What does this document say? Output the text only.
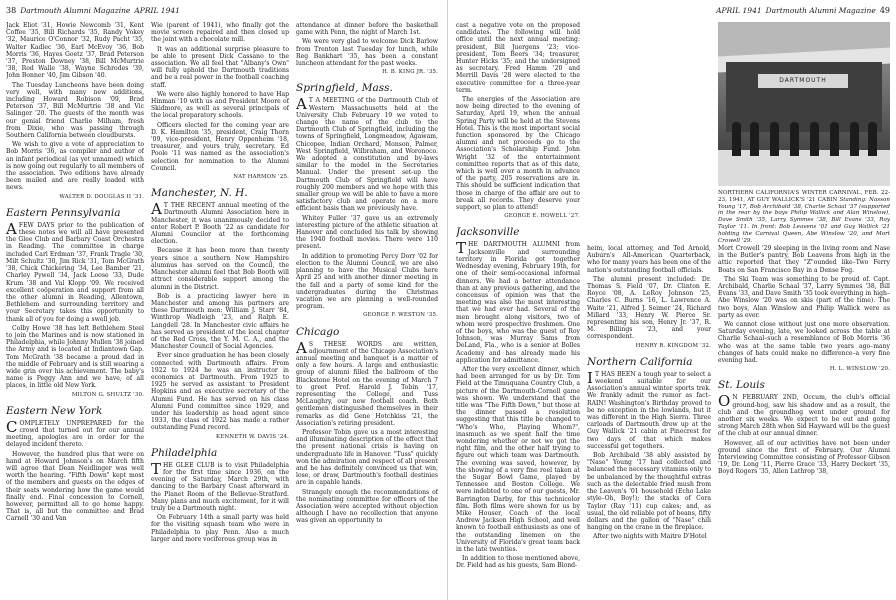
38 Dartmouth Alumni Magazine APRIL 1941

Jack Eliot '31, Howie Newcomb '31, Kent Coffee '35, Bill Richards '35, Randy Vokey '32, Maurice O'Connor '32, Rudy Pacht '35, Walter Kadlec '36, Earl McEvoy '36, Bob Morris '36, Hayes Goetz '37, Brad Peterson '37, Preston Downey '38, Bill McMurtrie '38, Rod Walle '38, Wayne Schrodes '39, John Bonner '40, Jim Gibson '40.

The Tuesday Luncheons have been doing very well, with many new additions, including Howard Robison '09, Brad Peterson '37, Bill McMurtrie '38 and Vic Salinger '20. The guests of the month was our genial friend Charlie Milham, fresh from Dixie, who was passing through Southern California between cloudbursts.

We wish to give a vote of appreciation to Bob Morris '36, as compiler and author of an infant periodical (as yet unnamed) which is now going out regularly to all members of the association. Two editions have already been mailed and are really loaded with news.

WALTER D. DOUGLAS II '31.

Eastern Pennsylvania

AFEW DAYS prior to the publication of these notes we will all have presented the Glee Club and Barbary Coast Orchestra in Reading. The committee in charge included Carl Erdman '37, Frank Tragle '30, Milt Schultz '30, Jim Rick '31, Tom McGrath '38, Chick Chickering '34, Lee Bamber '21, Charley Pywell '34, Jack Loose '33, Dude Krum '38 and Val Klopp '09. We received excellent coöperation and support from all the other alumni in Reading, Allentown, Bethlehem and surrounding territory and your Secretary takes this opportunity to thank all of you for doing a swell job.

Colby Howe '38 has left Bethlehem Steel to join the Marines and is now stationed in Philadelphia, while Johnny Mullen '38 joined the Army and is located at Indiantown Gap. Tom McGrath '38 became a proud dad in the middle of February and is still wearing a wide grin over his achievement. The baby's name is Peggy Ann and we have, of all places, in little old New York.

MILTON G. SHULTZ '30.

Eastern New York

COMPLETELY UNPREPARED for the crowd that turned out for our annual meeting, apologies are in order for the delayed incident thereto.

However, the hundred plus that were on hand at Howard Johnson's on March fifth will agree that Dean Neidlinger was well worth the hearing. "Fifth Down" kept most of the members and guests on the edges of their seats wondering how the game would finally end. Final concession to Cornell, however, permitted all to go home happy. That is, all but the committee and Brad Carnell '30 and Van

Wie (parent of 1941), who finally got the movie screen repaired and then closed up the joint with a chocolate mill.

It was an additional surprise pleasure to be able to present Dick Cassano to the association. We all feel that "Albany's Own" will fully uphold the Dartmouth traditions and be a real power in the football coaching staff.

We were also highly honored to have Hap Hinman '10 with us and President Moore of Skidmore, as well as several principals of the local preparatory schools.

Officers elected for the coming year are D. K. Hamilton '35, president, Craig Thorn '09, vice-president, Henry Oppenheim '18, treasurer, and yours truly, secretary. Ed Poole '11 was named as the association's selection for nomination to the Alumni Council.

NAT HARMON '25.

Manchester, N. H.

A T THE RECENT annual meeting of the Dartmouth Alumni Association here in Manchester, it was unanimously decided to enter Robert P. Booth '22 as candidate for Alumni Councilor at the forthcoming election.

Because it has been more than twenty years since a southern New Hampshire alumnus has served on the Council, the Manchester alumni feel that Bob Booth will attract considerable support among the alumni in the District.

Bob is a practicing lawyer here in Manchester and among his partners are these Dartmouth men: William J. Starr '84, Winthrop Wadleigh '23, and Ralph E. Langdell '28. In Manchester civic affairs he has served as president of the local chapter of the Red Cross, the Y. M. C. A., and the Manchester Council of Social Agencies.

Ever since graduation he has been closely connected with Dartmouth affairs. From 1922 to 1924 he was an instructor in economics at Dartmouth. From 1925 to 1925 he served as assistant to President Hopkins and as executive secretary of the Alumni Fund. He has served on his class Alumni Fund committee since 1929, and under his leadership as head agent since 1933, the class of 1922 has made a rather outstanding Fund record.

KENNETH W. DAVIS '24.

Philadelphia

THE GLEE CLUB is to visit Philadelphia for the first time since 1936, on the evening of Saturday, March 29th, with dancing to the Barbary Coast afterward in the Planet Room of the Bellevue-Stratford. Many plans and much excitement, for it will truly be a Dartmouth night.

On February 14th a small party was held for the visiting squash team who were in Philadelphia to play Penn. Also a much larger and more vociferous group was in

attendance at dinner before the basketball game with Penn, the night of March 1st.

We were very glad to welcome Dick Barlow from Trenton last Tuesday for lunch, while Reg Bankhart '35, has been a constant luncheon attendant for the past weeks.

H. B. KING JR. '35.

Springfield, Mass.

A T A MEETING of the Dartmouth Club of Western Massachusetts held at the University Club February 19 we voted to change the name of the club to the Dartmouth Club of Springfield, including the towns of Springfield, Longmeadow, Agawam, Chicopee, Indian Orchard, Monson, Palmer, West Springfield, Wilbraham, and Woronoco. We adopted a constitution and by-laws similar to the model in the Secretaries Manual. Under the present set-up the Dartmouth Club of Springfield will have roughly 200 members and we hope with this smaller group we will be able to have a more satisfactory club and operate on a more efficient basis than we previously have.

Whitey Fuller '37 gave us an extremely interesting picture of the athletic situation at Hanover and concluded his talk by showing the 1940 football movies. There were 110 present.

In addition to promoting Percy Dorr '02 for election to the Alumni Council, we are also planning to have the Musical Clubs here April 25 and with another dinner meeting in the fall and a party of some kind for the undergraduates during the Christmas vacation we are planning a well-rounded program.

GEORGE F. WESTON '35.

Chicago

A S THESE WORDS are written, adjournment of the Chicago Association's annual meeting and banquet is a matter of only a few hours. A large and enthusiastic group of alumni filled the ballroom of the Blackstone Hotel on the evening of March 7 to greet Prof. Harold J. Tobin '17, representing the College, and Tuss McLaughry, our new football coach. Both gentlemen distinguished themselves in their remarks as did Gene Hotchkiss '21, the Association's retiring president.

Professor Tobin gave us a most interesting and illuminating description of the effect that the present national crisis is having on undergraduate life in Hanover. "Tuss" quickly won the admiration and respect of all present and he has definitely convinced us that win, lose, or draw, Dartmouth's football destinies are in capable hands.

Strangely enough the recommendations of the nominating committee for officers of the Association were accepted without objection although I have no recollection that anyone was given an opportunity to

APRIL 1941 Dartmouth Alumni Magazine 49

cast a negative vote on the proposed candidates. The following will hold office until the next annual meeting: president, Bill Juergens '23; vice-president, Tom Beers '34; treasurer, Hunter Hicks '35; and the undersigned as secretary. Fred Hamm '20 and Merrill Davis '28 were elected to the executive committee for a three-year term.

The energies of the Association are now being directed to the evening of Saturday, April 19, when the annual Spring Party will be held at the Stevens Hotel. This is the most important social function sponsored by the Chicago alumni and net proceeds go to the Association's Scholarship Fund. John Wright '32 of the entertainment committee reports that as of this date, which is well over a month in advance of the party, 205 reservations are in. This should be sufficient indication that those in charge of the affair are out to break all records. They deserve your support, so plan to attend!

GEORGE E. HOWELL '27.

Jacksonville

THE DARTMOUTH ALUMNI from Jacksonville and surrounding territory in Florida got together Wednesday evening, February 19th, for one of their semi-occasional informal dinners. We had a better attendance than at any previous gathering, and the concensus of opinion was that the meeting was also the most interesting that we had ever had. Several of the men brought along visitors, two of whom were prospective freshmen. One of the boys, who was the guest of Roy Johnson, was Murray Sams from DeLand, Fla., who is a senior at Bolles Academy and has already made his application for admittance.

After the very excellent dinner, which had been arranged for us by Dr. Tom Field at the Timuquana Country Club, a picture of the Dartmouth-Cornell game was shown. We understand that the title was "The Fifth Down," but those at the dinner passed a resolution suggesting that this title be changed to "Who's Who, Playing Whom?", inasmuch as we spent half the time wondering whether or not we got the right film, and the other half trying to figure out which team was Dartmouth. The evening was saved, however, by the showing of a very fine reel taken at the Sugar Bowl Game, played by Tennessee and Boston College. We were indebted to one of our guests, Mr. Barrington Darby, for this technicolor film. Both films were shown for us by Mike Houser, Coach of the local Andrew Jackson High School, and well known to football enthusiasts as one of the outstanding linemen on the University of Florida's great team back in the late twenties.

In addition to those mentioned above, Dr. Field had as his guests, Sam Blond-

DARTMOUTH
NORTHERN CALIFORNIA'S WINTER CARNIVAL, FEB. 22-23, 1941, AT GUY WALLICK'S '21 CABIN Standing: Nasson Young '17, Bob Archibald '38, Charlie Schaal '37 (supported in the rear by the boys Philip Wallick and Alan Winslow), Dave Smith '35, Larry Symmes '38, Bill Evans '33, Roy Taylor '11. In front: Bob Leavens '01 and Guy Wallick '21 holding the Carnival Queen, Abe Winslow '20, and Mort Crowell '29.

heim, local attorney, and Ted Arnold, Auburn's All-American Quarterback, who for many years has been one of the nation's outstanding football officials.

The alumni present included: Dr. Thomas S. Field '07, Dr. Clinton E. Royce '08, A. LeRoy Johnson '25, Charles C. Burns '16, L. Lawrence A. Waite '21, Alfred J. Seimer '24, Richard Millard '33, Henry W. Pierce Sr. representing his son, Henry Jr. '37, R. M. Billings '23, and your correspondent.

HENRY R. KINGDOM '32.

Northern California

I T HAS BEEN a tough year to select a weekend suitable for our Association's annual winter sports trek. We frankly admit the rumor as fact–RAIN! Washington's Birthday proved to be no exception in the lowlands, but it was different in the High Sierra. Three carloads of Dartmouth drew up at the Guy Wallick '21 cabin at Pinecrest for two days of that which makes successful get togethers.

Bob Archibald '38 ably assisted by "Nase" Young '17 had collected and balanced the necessary vitamins only to be unbalanced by the thoughtful extras such as the delectable fried mush from the Leaven's '01 household (Echo Lake style–Oh, Boy!); the stacks of Cora Taylor (Ray '11) cup cakes; and, as usual, the old reliable pot of beans, fifty dollars and the gallon of "Nase" chili hanging on the crane in the fireplace.

After two nights with Maitre D'Hotel

Mort Crowell '29 sleeping in the living room and Nase in the Butler's pantry, Bob Leavens from high in the attic reported that they "Z"ounded like–Two Ferry Boats on San Francisco Bay in a Dense Fog.

The Ski Team was something to be proud of. Capt. Archibald, Charlie Schaal '37, Larry Symmes '38, Bill Evans '33, and Dave Smith '35 took everything in high–Abe Winslow '20 was on skis (part of the time). The two boys, Alan Winslow and Philip Wallick were as party as ever.

We cannot close without just one more observation. Saturday evening, late, we looked across the table at Charlie Schaal–such a resemblance of Bob Morris '36 who was at the same table two years ago–many changes of hats could make no difference–a very fine evening had.

H. L. WINSLOW '20.

St. Louis

O N FEBRUARY 2ND, Occum, the club's official ground-hog, saw his shadow and as a result, the club and the groundhog went under ground for another six weeks. We expect to be out and going strong March 28th when Sid Hayward will be the guest of the club at our annual dinner.

However, all of our activities have not been under ground since the first of February. Our Alumni Interviewing Committee consisting of Professor Gibson '19, Dr. Long '11, Pierre Grace '33, Harry Deckert '35, Boyd Rogers '35, Allen Lathrop '38,
